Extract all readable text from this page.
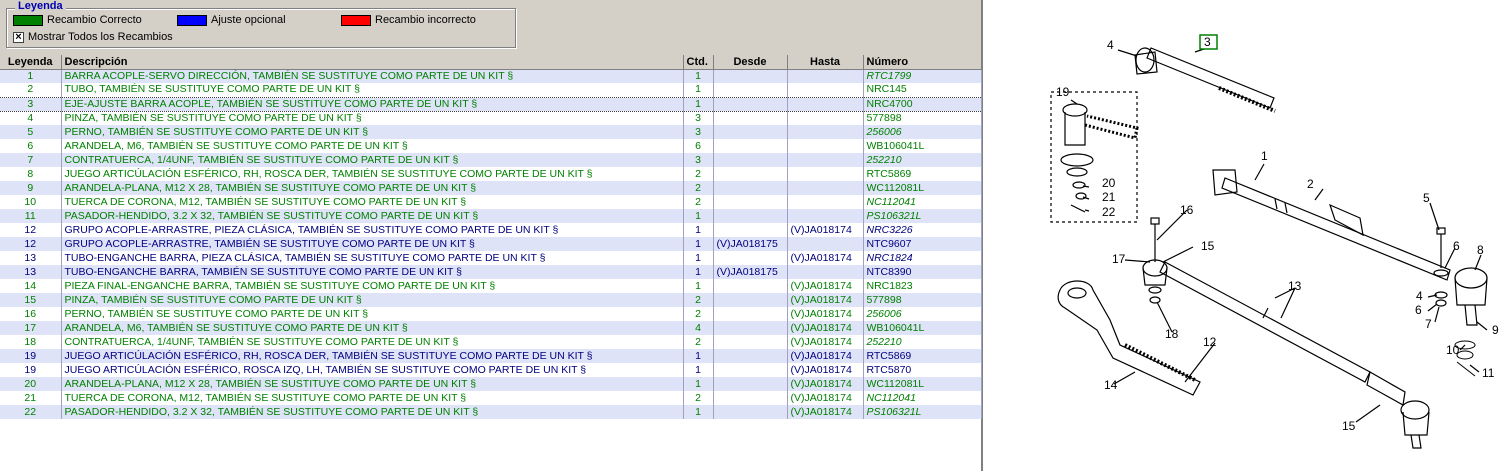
Leyenda
Recambio Correcto	Ajuste opcional	Recambio incorrecto
× Mostrar Todos los Recambios
Leyenda	Descripción	Ctd.	Desde	Hasta	Número
1	BARRA ACOPLE-SERVO DIRECCIÓN, TAMBIÉN SE SUSTITUYE COMO PARTE DE UN KIT §	1			RTC1799
2	TUBO, TAMBIÉN SE SUSTITUYE COMO PARTE DE UN KIT §	1			NRC145
3	EJE-AJUSTE BARRA ACOPLE, TAMBIÉN SE SUSTITUYE COMO PARTE DE UN KIT §	1			NRC4700
4	PINZA, TAMBIÉN SE SUSTITUYE COMO PARTE DE UN KIT §	3			577898
5	PERNO, TAMBIÉN SE SUSTITUYE COMO PARTE DE UN KIT §	3			256006
6	ARANDELA, M6, TAMBIÉN SE SUSTITUYE COMO PARTE DE UN KIT §	6			WB106041L
7	CONTRATUERCA, 1/4UNF, TAMBIÉN SE SUSTITUYE COMO PARTE DE UN KIT §	3			252210
8	JUEGO ARTICÚLACIÓN ESFÉRICO, RH, ROSCA DER, TAMBIÉN SE SUSTITUYE COMO PARTE DE UN KIT §	2			RTC5869
9	ARANDELA-PLANA, M12 X 28, TAMBIÉN SE SUSTITUYE COMO PARTE DE UN KIT §	2			WC112081L
10	TUERCA DE CORONA, M12, TAMBIÉN SE SUSTITUYE COMO PARTE DE UN KIT §	2			NC112041
11	PASADOR-HENDIDO, 3.2 X 32, TAMBIÉN SE SUSTITUYE COMO PARTE DE UN KIT §	1			PS106321L
12	GRUPO ACOPLE-ARRASTRE, PIEZA CLÁSICA, TAMBIÉN SE SUSTITUYE COMO PARTE DE UN KIT §	1		(V)JA018174	NRC3226
12	GRUPO ACOPLE-ARRASTRE, TAMBIÉN SE SUSTITUYE COMO PARTE DE UN KIT §	1	(V)JA018175		NTC9607
13	TUBO-ENGANCHE BARRA, PIEZA CLÁSICA, TAMBIÉN SE SUSTITUYE COMO PARTE DE UN KIT §	1		(V)JA018174	NRC1824
13	TUBO-ENGANCHE BARRA, TAMBIÉN SE SUSTITUYE COMO PARTE DE UN KIT §	1	(V)JA018175		NTC8390
14	PIEZA FINAL-ENGANCHE BARRA, TAMBIÉN SE SUSTITUYE COMO PARTE DE UN KIT §	1		(V)JA018174	NRC1823
15	PINZA, TAMBIÉN SE SUSTITUYE COMO PARTE DE UN KIT §	2		(V)JA018174	577898
16	PERNO, TAMBIÉN SE SUSTITUYE COMO PARTE DE UN KIT §	2		(V)JA018174	256006
17	ARANDELA, M6, TAMBIÉN SE SUSTITUYE COMO PARTE DE UN KIT §	4		(V)JA018174	WB106041L
18	CONTRATUERCA, 1/4UNF, TAMBIÉN SE SUSTITUYE COMO PARTE DE UN KIT §	2		(V)JA018174	252210
19	JUEGO ARTICÚLACIÓN ESFÉRICO, RH, ROSCA DER, TAMBIÉN SE SUSTITUYE COMO PARTE DE UN KIT §	1		(V)JA018174	RTC5869
19	JUEGO ARTICÚLACIÓN ESFÉRICO, ROSCA IZQ, LH, TAMBIÉN SE SUSTITUYE COMO PARTE DE UN KIT §	1		(V)JA018174	RTC5870
20	ARANDELA-PLANA, M12 X 28, TAMBIÉN SE SUSTITUYE COMO PARTE DE UN KIT §	1		(V)JA018174	WC112081L
21	TUERCA DE CORONA, M12, TAMBIÉN SE SUSTITUYE COMO PARTE DE UN KIT §	2		(V)JA018174	NC112041
22	PASADOR-HENDIDO, 3.2 X 32, TAMBIÉN SE SUSTITUYE COMO PARTE DE UN KIT §	1		(V)JA018174	PS106321L
1
2
3
4
5
6 8
4
6
7	9
10
11
12
13
14
15
15
16
17
18
19
20
21
22
